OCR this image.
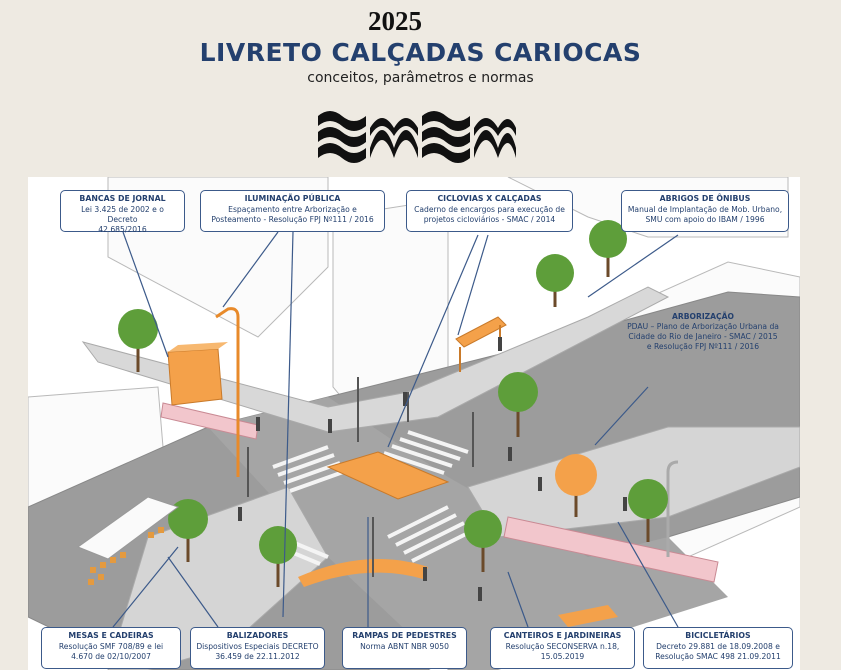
2025
LIVRETO CALÇADAS CARIOCAS
conceitos, parâmetros e normas
BANCAS DE JORNAL
Lei 3.425 de 2002 e o Decreto
42.685/2016
ILUMINAÇÃO PÚBLICA
Espaçamento entre Arborização e
Posteamento - Resolução FPJ Nº111 / 2016
CICLOVIAS X CALÇADAS
Caderno de encargos para execução de
projetos cicloviários - SMAC / 2014
ABRIGOS DE ÔNIBUS
Manual de Implantação de Mob. Urbano,
SMU com apoio do IBAM / 1996
ARBORIZAÇÃO
PDAU – Plano de Arborização Urbana da
Cidade do Rio de Janeiro - SMAC / 2015
e Resolução FPJ Nº111 / 2016
MESAS E CADEIRAS
Resolução SMF 708/89 e lei
4.670 de 02/10/2007
BALIZADORES
Dispositivos Especiais DECRETO
36.459 de 22.11.2012
RAMPAS DE PEDESTRES
Norma ABNT NBR 9050
CANTEIROS E JARDINEIRAS
Resolução SECONSERVA n.18,
15.05.2019
BICICLETÁRIOS
Decreto 29.881 de 18.09.2008 e
Resolução SMAC 498 21.09.2011
